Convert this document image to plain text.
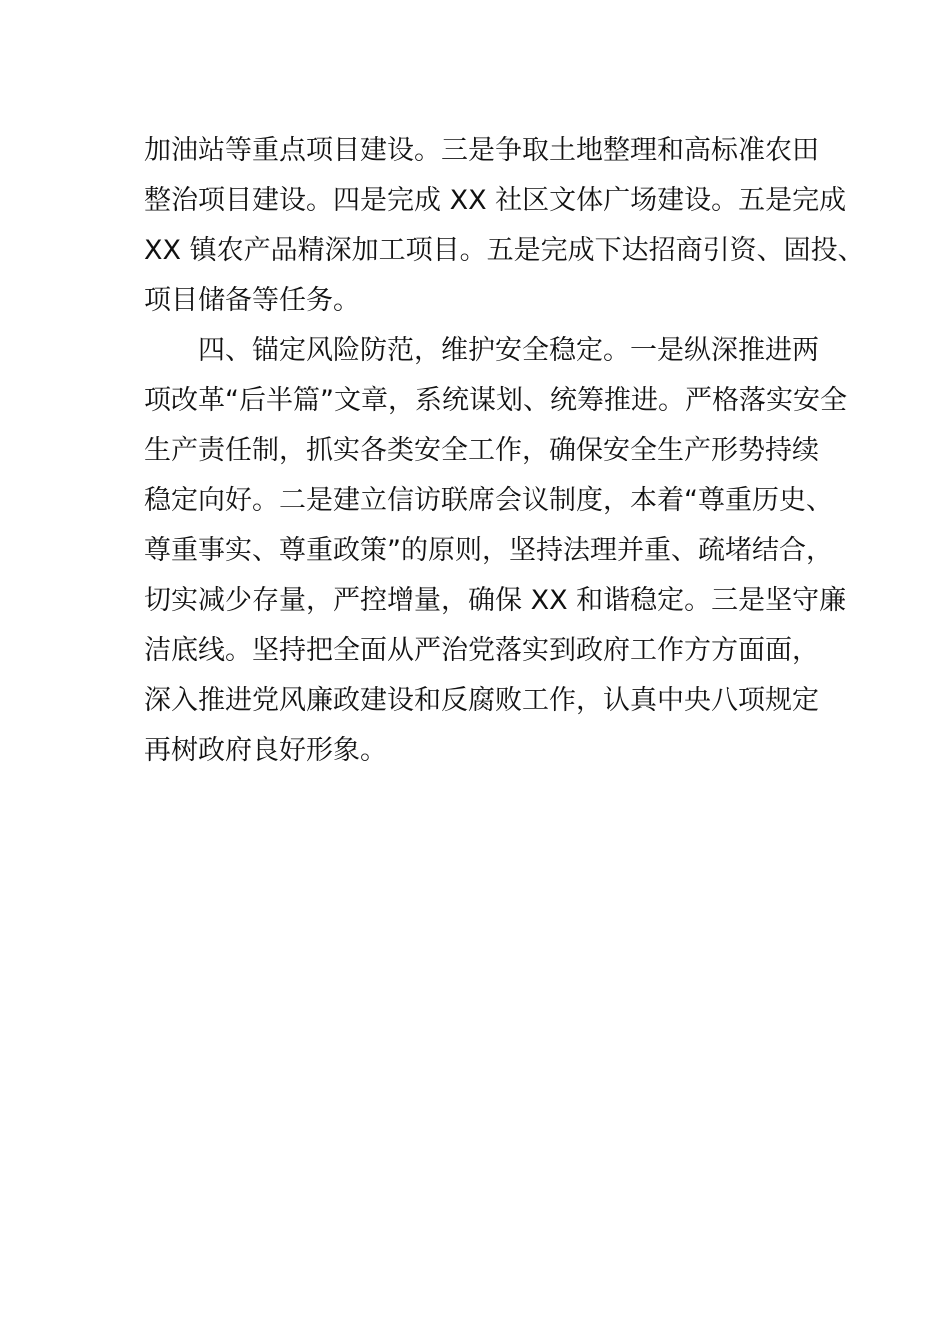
加油站等重点项目建设。三是争取土地整理和高标准农田
整治项目建设。四是完成 XX 社区文体广场建设。五是完成
XX 镇农产品精深加工项目。五是完成下达招商引资、固投、
项目储备等任务。
四、锚定风险防范，维护安全稳定。一是纵深推进两
项改革“后半篇”文章，系统谋划、统筹推进。严格落实安全
生产责任制，抓实各类安全工作，确保安全生产形势持续
稳定向好。二是建立信访联席会议制度，本着“尊重历史、
尊重事实、尊重政策”的原则，坚持法理并重、疏堵结合，
切实减少存量，严控增量，确保 XX 和谐稳定。三是坚守廉
洁底线。坚持把全面从严治党落实到政府工作方方面面，
深入推进党风廉政建设和反腐败工作，认真中央八项规定
再树政府良好形象。
